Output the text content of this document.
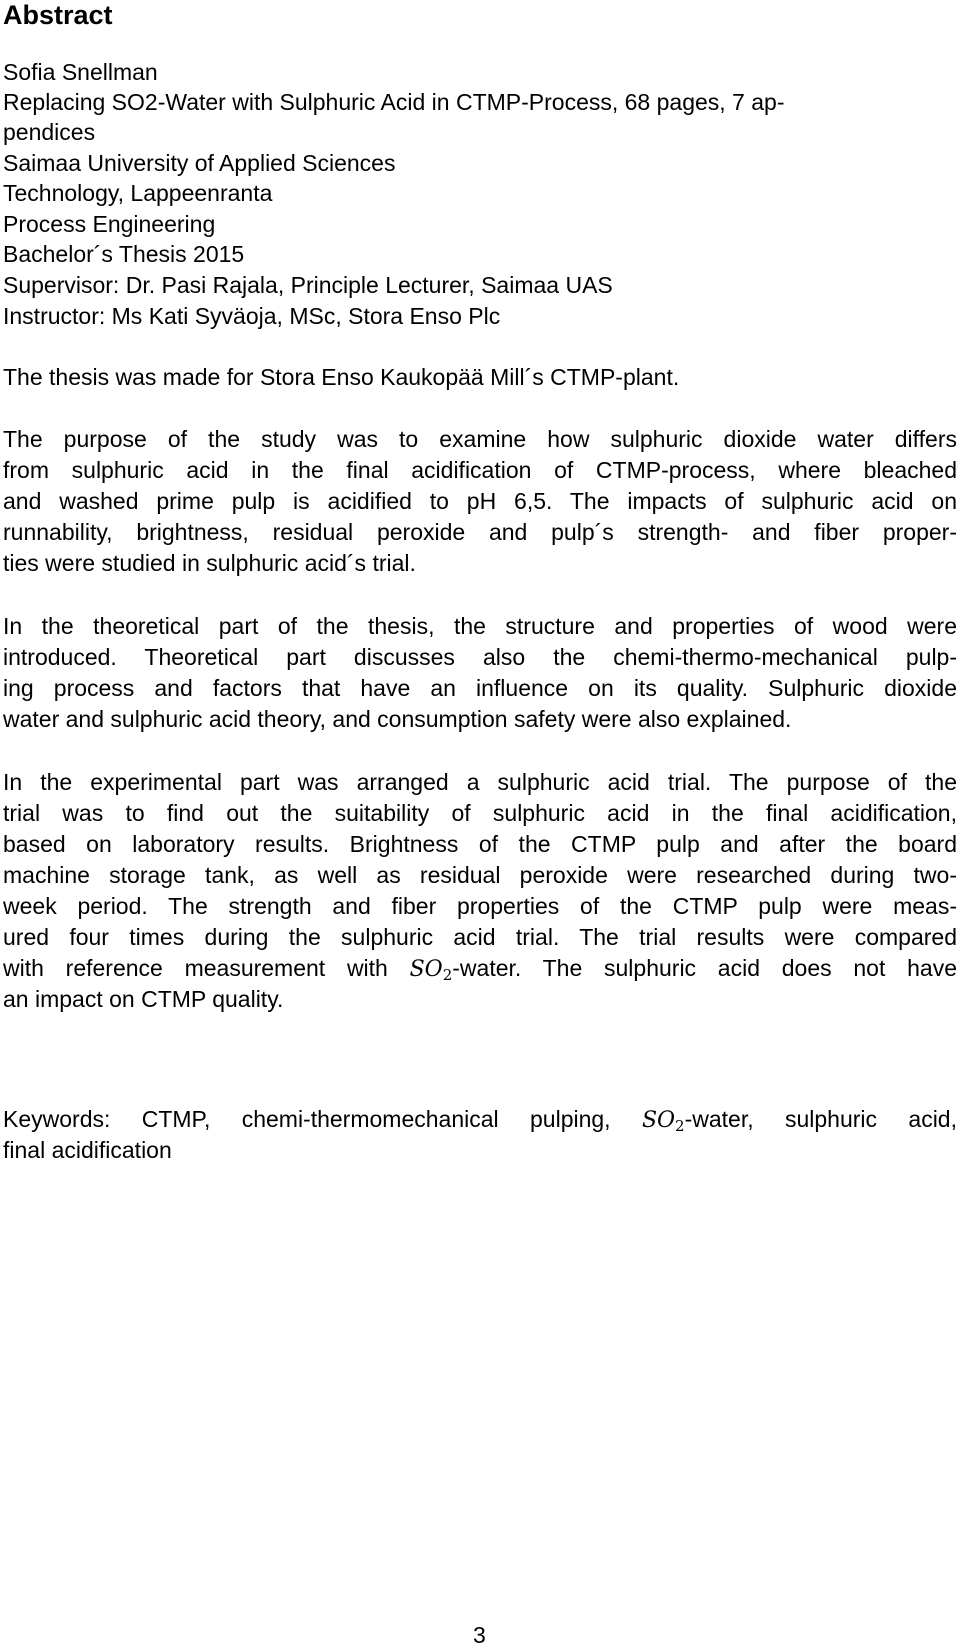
Abstract

Sofia Snellman

Replacing SO2-Water with Sulphuric Acid in CTMP-Process, 68 pages, 7 ap-

pendices

Saimaa University of Applied Sciences

Technology, Lappeenranta

Process Engineering

Bachelor´s Thesis 2015

Supervisor: Dr. Pasi Rajala, Principle Lecturer, Saimaa UAS

Instructor: Ms Kati Syväoja, MSc, Stora Enso Plc

The thesis was made for Stora Enso Kaukopää Mill´s CTMP-plant.

The purpose of the study was to examine how sulphuric dioxide water differs

from sulphuric acid in the final acidification of CTMP-process, where bleached

and washed prime pulp is acidified to pH 6,5. The impacts of sulphuric acid on

runnability, brightness, residual peroxide and pulp´s strength- and fiber proper-

ties were studied in sulphuric acid´s trial.

In the theoretical part of the thesis, the structure and properties of wood were

introduced. Theoretical part discusses also the chemi-thermo-mechanical pulp-

ing process and factors that have an influence on its quality. Sulphuric dioxide

water and sulphuric acid theory, and consumption safety were also explained.

In the experimental part was arranged a sulphuric acid trial. The purpose of the

trial was to find out the suitability of sulphuric acid in the final acidification,

based on laboratory results. Brightness of the CTMP pulp and after the board

machine storage tank, as well as residual peroxide were researched during two-

week period. The strength and fiber properties of the CTMP pulp were meas-

ured four times during the sulphuric acid trial. The trial results were compared

with reference measurement with $SO_2$-water. The sulphuric acid does not have

an impact on CTMP quality.

Keywords: CTMP, chemi-thermomechanical pulping, $SO_2$-water, sulphuric acid,

final acidification

3
